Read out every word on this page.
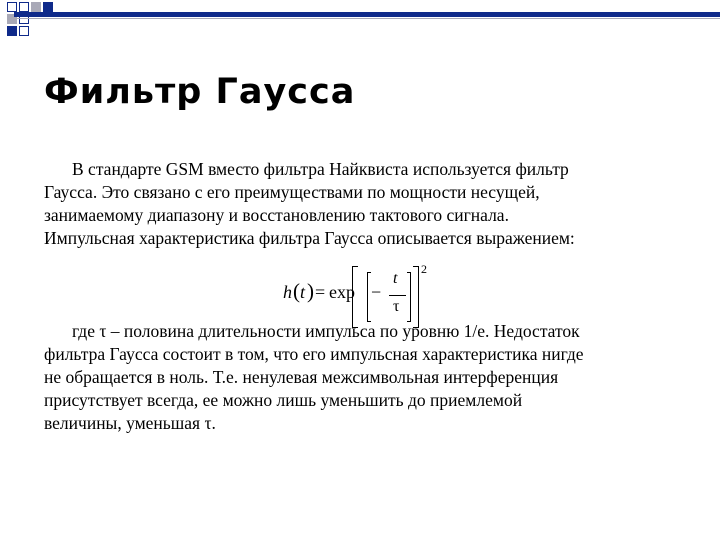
Фильтр Гаусса

В стандарте GSM вместо фильтра Найквиста используется фильтр

Гаусса. Это связано с его преимуществами по мощности несущей,

занимаемому диапазону и восстановлению тактового сигнала.

Импульсная характеристика фильтра Гаусса описывается выражением:

h ( t ) = exp −
t
τ
2

где τ – половина длительности импульса по уровню 1/e. Недостаток

фильтра Гаусса состоит в том, что его импульсная характеристика нигде

не обращается в ноль. Т.е. ненулевая межсимвольная интерференция

присутствует всегда, ее можно лишь уменьшить до приемлемой

величины, уменьшая τ.
